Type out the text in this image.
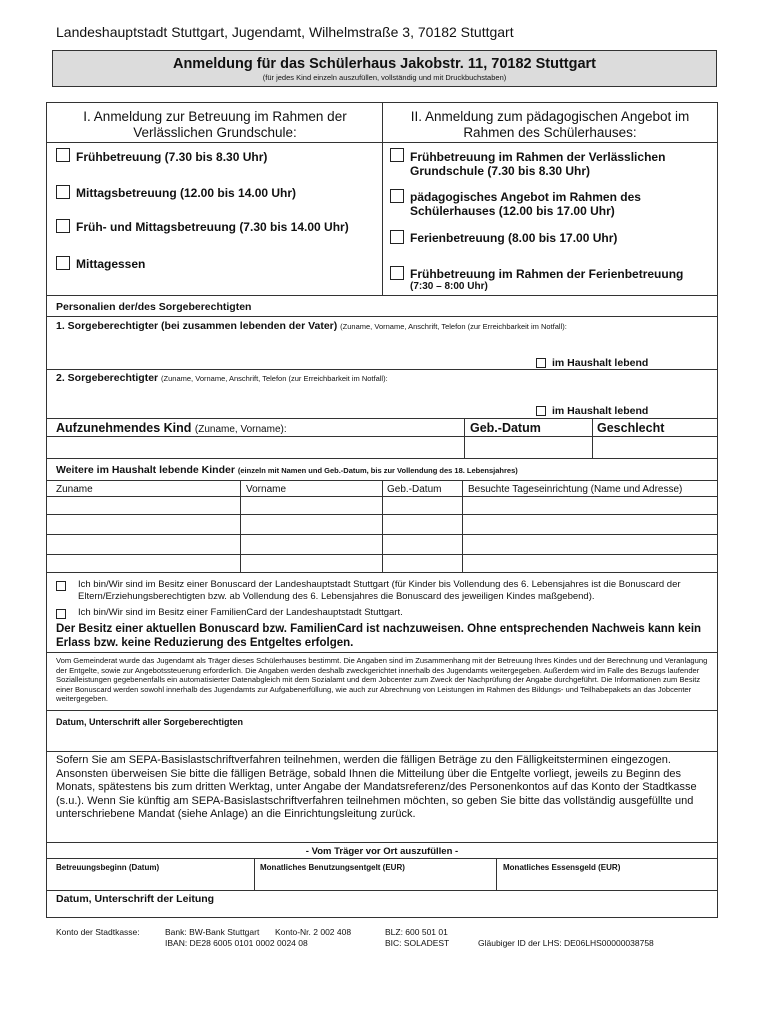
Landeshauptstadt Stuttgart, Jugendamt, Wilhelmstraße 3, 70182 Stuttgart
Anmeldung für das Schülerhaus Jakobstr. 11, 70182 Stuttgart
(für jedes Kind einzeln auszufüllen, vollständig und mit Druckbuchstaben)
I. Anmeldung zur Betreuung im Rahmen der Verlässlichen Grundschule:
II. Anmeldung zum pädagogischen Angebot im Rahmen des Schülerhauses:
Frühbetreuung (7.30 bis 8.30 Uhr)
Mittagsbetreuung (12.00 bis 14.00 Uhr)
Früh- und Mittagsbetreuung (7.30 bis 14.00 Uhr)
Mittagessen
Frühbetreuung im Rahmen der Verlässlichen Grundschule (7.30 bis 8.30 Uhr)
pädagogisches Angebot im Rahmen des Schülerhauses (12.00 bis 17.00 Uhr)
Ferienbetreuung (8.00 bis 17.00 Uhr)
Frühbetreuung im Rahmen der Ferienbetreuung
(7:30 – 8:00 Uhr)
Personalien der/des Sorgeberechtigten
1. Sorgeberechtigter (bei zusammen lebenden der Vater) (Zuname, Vorname, Anschrift, Telefon (zur Erreichbarkeit im Notfall):
im Haushalt lebend
2. Sorgeberechtigter (Zuname, Vorname, Anschrift, Telefon (zur Erreichbarkeit im Notfall):
im Haushalt lebend
Aufzunehmendes Kind (Zuname, Vorname):	Geb.-Datum	Geschlecht
Weitere im Haushalt lebende Kinder (einzeln mit Namen und Geb.-Datum, bis zur Vollendung des 18. Lebensjahres)
Zuname	Vorname	Geb.-Datum	Besuchte Tageseinrichtung (Name und Adresse)
Ich bin/Wir sind im Besitz einer Bonuscard der Landeshauptstadt Stuttgart (für Kinder bis Vollendung des 6. Lebensjahres ist die Bonuscard der Eltern/Erziehungsberechtigten bzw. ab Vollendung des 6. Lebensjahres die Bonuscard des jeweiligen Kindes maßgebend).
Ich bin/Wir sind im Besitz einer FamilienCard der Landeshauptstadt Stuttgart.
Der Besitz einer aktuellen Bonuscard bzw. FamilienCard ist nachzuweisen. Ohne entsprechenden Nachweis kann kein Erlass bzw. keine Reduzierung des Entgeltes erfolgen.
Vom Gemeinderat wurde das Jugendamt als Träger dieses Schülerhauses bestimmt. Die Angaben sind im Zusammenhang mit der Betreuung Ihres Kindes und der Berechnung und Veranlagung der Entgelte, sowie zur Angebotssteuerung erforderlich. Die Angaben werden deshalb zweckgerichtet innerhalb des Jugendamts weitergegeben. Außerdem wird im Falle des Bezugs laufender Sozialleistungen gegebenenfalls ein automatisierter Datenabgleich mit dem Sozialamt und dem Jobcenter zum Zweck der Nachprüfung der Angabe durchgeführt. Die Informationen zum Besitz einer Bonuscard werden sowohl innerhalb des Jugendamts zur Aufgabenerfüllung, wie auch zur Abrechnung von Leistungen im Rahmen des Bildungs- und Teilhabepakets an das Jobcenter weitergegeben.
Datum, Unterschrift aller Sorgeberechtigten
Sofern Sie am SEPA-Basislastschriftverfahren teilnehmen, werden die fälligen Beträge zu den Fälligkeitsterminen eingezogen. Ansonsten überweisen Sie bitte die fälligen Beträge, sobald Ihnen die Mitteilung über die Entgelte vorliegt, jeweils zu Beginn des Monats, spätestens bis zum dritten Werktag, unter Angabe der Mandatsreferenz/des Personenkontos auf das Konto der Stadtkasse (s.u.). Wenn Sie künftig am SEPA-Basislastschriftverfahren teilnehmen möchten, so geben Sie bitte das vollständig ausgefüllte und unterschriebene Mandat (siehe Anlage) an die Einrichtungsleitung zurück.
- Vom Träger vor Ort auszufüllen -
Betreuungsbeginn (Datum)	Monatliches Benutzungsentgelt (EUR)	Monatliches Essensgeld (EUR)
Datum, Unterschrift der Leitung
Konto der Stadtkasse:	Bank: BW-Bank Stuttgart Konto-Nr. 2 002 408	BLZ: 600 501 01
IBAN: DE28 6005 0101 0002 0024 08	BIC: SOLADEST	Gläubiger ID der LHS: DE06LHS00000038758
